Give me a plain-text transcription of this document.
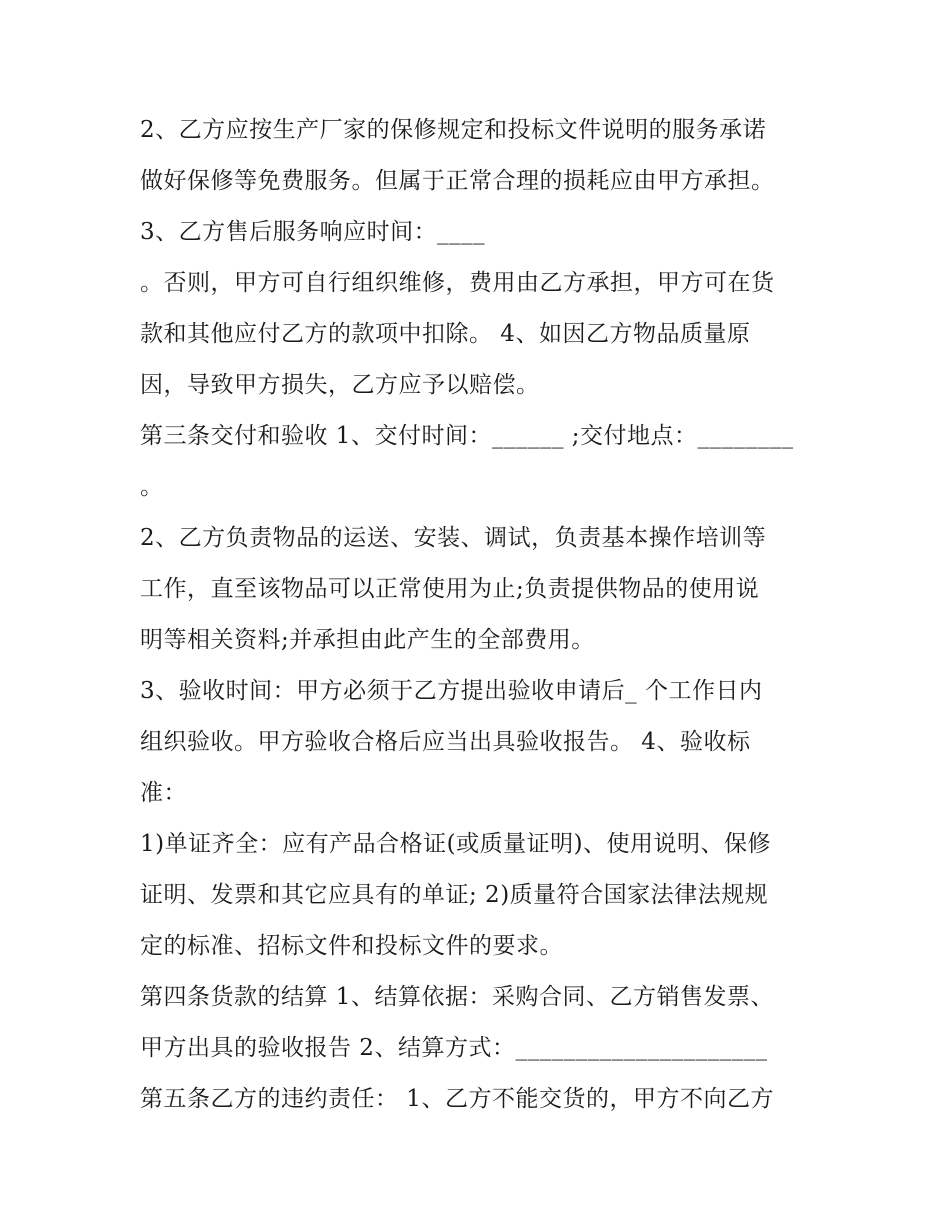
2、乙方应按生产厂家的保修规定和投标文件说明的服务承诺
做好保修等免费服务。但属于正常合理的损耗应由甲方承担。
3、乙方售后服务响应时间：____
。否则，甲方可自行组织维修，费用由乙方承担，甲方可在货
款和其他应付乙方的款项中扣除。 4、如因乙方物品质量原
因，导致甲方损失，乙方应予以赔偿。
第三条交付和验收 1、交付时间：______ ;交付地点：________
。
2、乙方负责物品的运送、安装、调试，负责基本操作培训等
工作，直至该物品可以正常使用为止;负责提供物品的使用说
明等相关资料;并承担由此产生的全部费用。
3、验收时间：甲方必须于乙方提出验收申请后_ 个工作日内
组织验收。甲方验收合格后应当出具验收报告。 4、验收标
准：
1)单证齐全：应有产品合格证(或质量证明)、使用说明、保修
证明、发票和其它应具有的单证; 2)质量符合国家法律法规规
定的标准、招标文件和投标文件的要求。
第四条货款的结算 1、结算依据：采购合同、乙方销售发票、
甲方出具的验收报告 2、结算方式：_____________________
第五条乙方的违约责任： 1、乙方不能交货的，甲方不向乙方
